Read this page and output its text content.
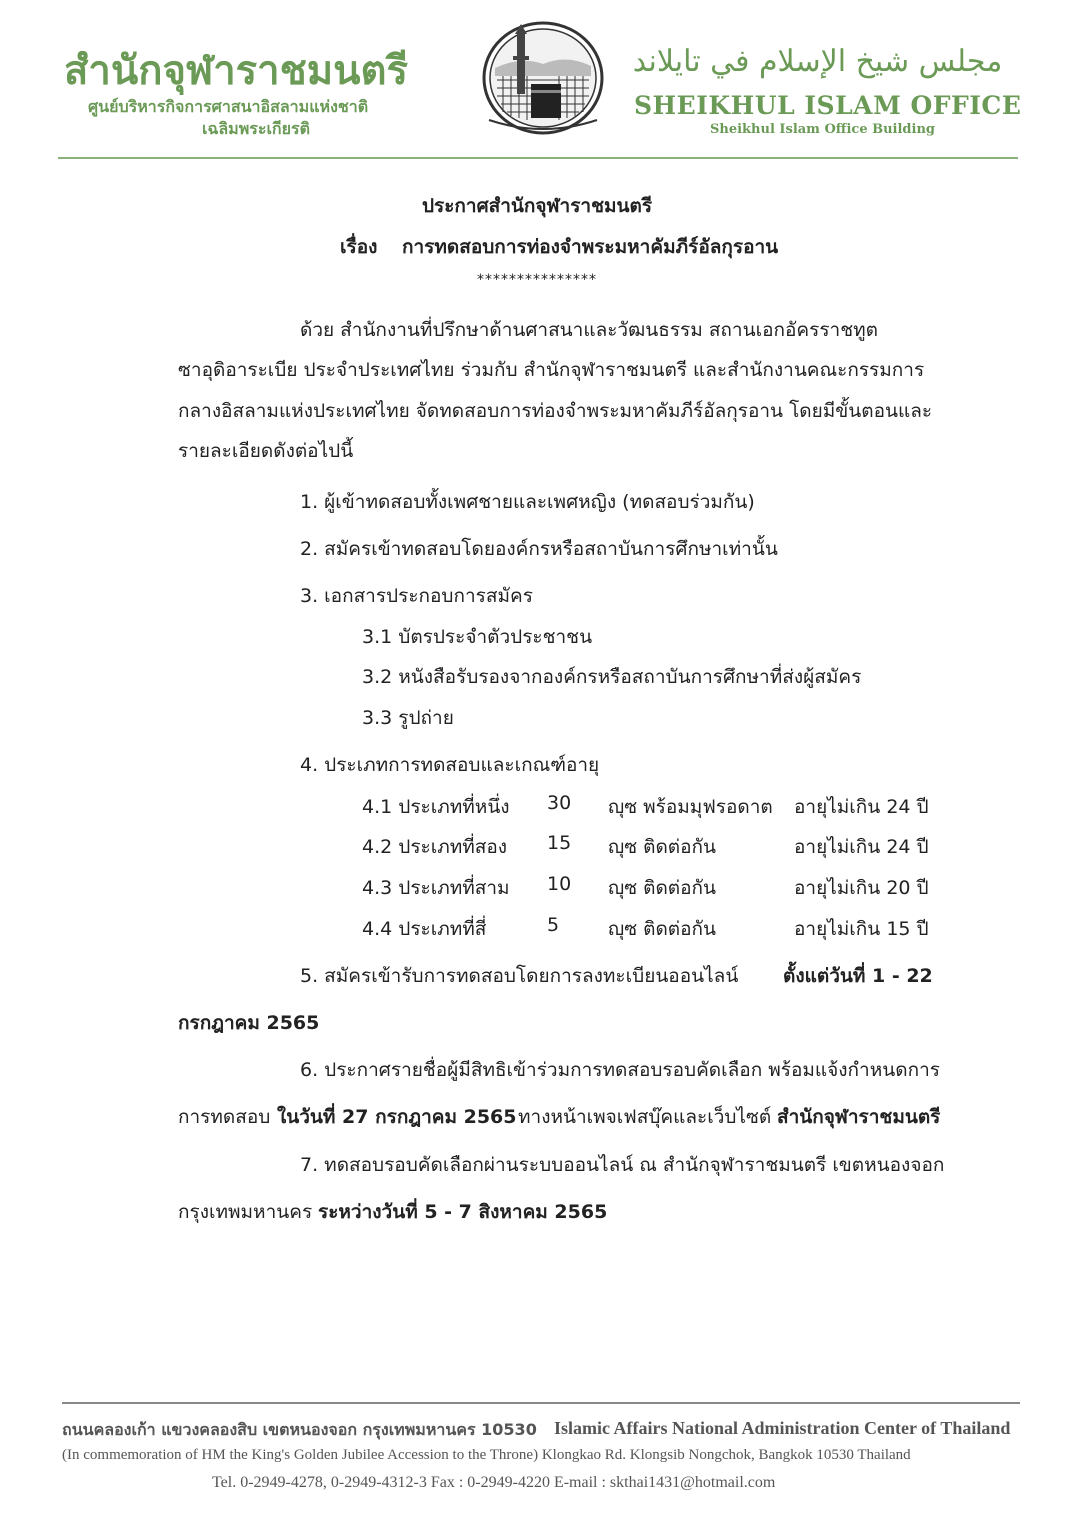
สำนักจุฬาราชมนตรี
ศูนย์บริหารกิจการศาสนาอิสลามแห่งชาติ
เฉลิมพระเกียรติ
مجلس شيخ الإسلام في تايلاند
SHEIKHUL ISLAM OFFICE
Sheikhul Islam Office Building
ประกาศสำนักจุฬาราชมนตรี
เรื่อง การทดสอบการท่องจำพระมหาคัมภีร์อัลกุรอาน
***************
ด้วย สำนักงานที่ปรึกษาด้านศาสนาและวัฒนธรรม สถานเอกอัครราชทูต
ซาอุดิอาระเบีย ประจำประเทศไทย ร่วมกับ สำนักจุฬาราชมนตรี และสำนักงานคณะกรรมการ
กลางอิสลามแห่งประเทศไทย จัดทดสอบการท่องจำพระมหาคัมภีร์อัลกุรอาน โดยมีขั้นตอนและ
รายละเอียดดังต่อไปนี้
1. ผู้เข้าทดสอบทั้งเพศชายและเพศหญิง (ทดสอบร่วมกัน)
2. สมัครเข้าทดสอบโดยองค์กรหรือสถาบันการศึกษาเท่านั้น
3. เอกสารประกอบการสมัคร
3.1 บัตรประจำตัวประชาชน
3.2 หนังสือรับรองจากองค์กรหรือสถาบันการศึกษาที่ส่งผู้สมัคร
3.3 รูปถ่าย
4. ประเภทการทดสอบและเกณฑ์อายุ
4.1 ประเภทที่หนึ่ง 30 ญุซ พร้อมมุฟรอดาต อายุไม่เกิน 24 ปี
4.2 ประเภทที่สอง 15 ญุซ ติดต่อกัน	อายุไม่เกิน 24 ปี
4.3 ประเภทที่สาม 10 ญุซ ติดต่อกัน	อายุไม่เกิน 20 ปี
4.4 ประเภทที่สี่	5	ญุซ ติดต่อกัน	อายุไม่เกิน 15 ปี
5. สมัครเข้ารับการทดสอบโดยการลงทะเบียนออนไลน์ ตั้งแต่วันที่ 1 - 22
กรกฎาคม 2565
6. ประกาศรายชื่อผู้มีสิทธิเข้าร่วมการทดสอบรอบคัดเลือก พร้อมแจ้งกำหนดการ
การทดสอบ ในวันที่ 27 กรกฎาคม 2565 ทางหน้าเพจเฟสบุ๊คและเว็บไซต์ สำนักจุฬาราชมนตรี
7. ทดสอบรอบคัดเลือกผ่านระบบออนไลน์ ณ สำนักจุฬาราชมนตรี เขตหนองจอก
กรุงเทพมหานคร ระหว่างวันที่ 5 - 7 สิงหาคม 2565
ถนนคลองเก้า แขวงคลองสิบ เขตหนองจอก กรุงเทพมหานคร 10530 Islamic Affairs National Administration Center of Thailand
(In commemoration of HM the King's Golden Jubilee Accession to the Throne) Klongkao Rd. Klongsib Nongchok, Bangkok 10530 Thailand
Tel. 0-2949-4278, 0-2949-4312-3 Fax : 0-2949-4220 E-mail : skthai1431@hotmail.com
